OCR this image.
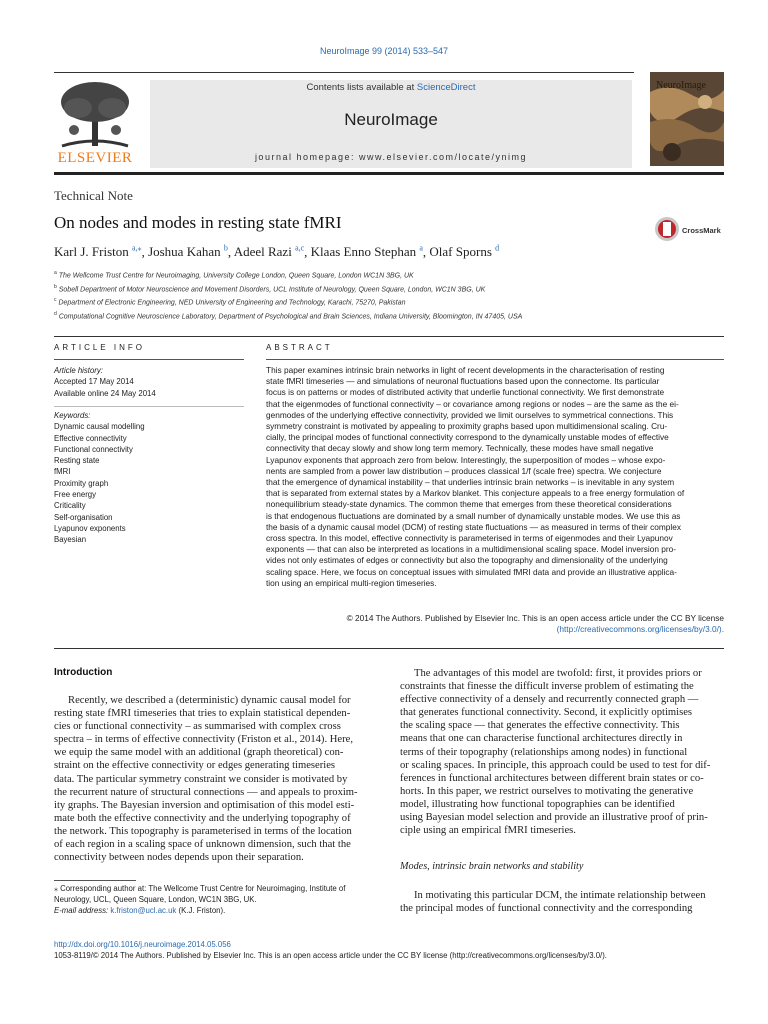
NeuroImage 99 (2014) 533–547
ELSEVIER
Contents lists available at ScienceDirect
NeuroImage
journal homepage: www.elsevier.com/locate/ynimg
NeuroImage
Technical Note
On nodes and modes in resting state fMRI	CrossMark
Karl J. Friston $^{a,⁎}$, Joshua Kahan $^b$, Adeel Razi $^{a,c}$, Klaas Enno Stephan $^a$, Olaf Sporns $^d$
$^a$ The Wellcome Trust Centre for Neuroimaging, University College London, Queen Square, London WC1N 3BG, UK
$^b$ Sobell Department of Motor Neuroscience and Movement Disorders, UCL Institute of Neurology, Queen Square, London, WC1N 3BG, UK
$^c$ Department of Electronic Engineering, NED University of Engineering and Technology, Karachi, 75270, Pakistan
$^d$ Computational Cognitive Neuroscience Laboratory, Department of Psychological and Brain Sciences, Indiana University, Bloomington, IN 47405, USA
ARTICLE INFO
Article history:
Accepted 17 May 2014
Available online 24 May 2014
Keywords:
Dynamic causal modelling
Effective connectivity
Functional connectivity
Resting state
fMRI
Proximity graph
Free energy
Criticality
Self-organisation
Lyapunov exponents
Bayesian
ABSTRACT
This paper examines intrinsic brain networks in light of recent developments in the characterisation of resting
state fMRI timeseries — and simulations of neuronal fluctuations based upon the connectome. Its particular
focus is on patterns or modes of distributed activity that underlie functional connectivity. We first demonstrate
that the eigenmodes of functional connectivity – or covariance among regions or nodes – are the same as the ei-
genmodes of the underlying effective connectivity, provided we limit ourselves to symmetrical connections. This
symmetry constraint is motivated by appealing to proximity graphs based upon multidimensional scaling. Cru-
cially, the principal modes of functional connectivity correspond to the dynamically unstable modes of effective
connectivity that decay slowly and show long term memory. Technically, these modes have small negative
Lyapunov exponents that approach zero from below. Interestingly, the superposition of modes – whose expo-
nents are sampled from a power law distribution – produces classical 1/f (scale free) spectra. We conjecture
that the emergence of dynamical instability – that underlies intrinsic brain networks – is inevitable in any system
that is separated from external states by a Markov blanket. This conjecture appeals to a free energy formulation of
nonequilibrium steady-state dynamics. The common theme that emerges from these theoretical considerations
is that endogenous fluctuations are dominated by a small number of dynamically unstable modes. We use this as
the basis of a dynamic causal model (DCM) of resting state fluctuations — as measured in terms of their complex
cross spectra. In this model, effective connectivity is parameterised in terms of eigenmodes and their Lyapunov
exponents — that can also be interpreted as locations in a multidimensional scaling space. Model inversion pro-
vides not only estimates of edges or connectivity but also the topography and dimensionality of the underlying
scaling space. Here, we focus on conceptual issues with simulated fMRI data and provide an illustrative applica-
tion using an empirical multi-region timeseries.
© 2014 The Authors. Published by Elsevier Inc. This is an open access article under the CC BY license
(http://creativecommons.org/licenses/by/3.0/).
Introduction
Recently, we described a (deterministic) dynamic causal model for
resting state fMRI timeseries that tries to explain statistical dependen-
cies or functional connectivity – as summarised with complex cross
spectra – in terms of effective connectivity (Friston et al., 2014). Here,
we equip the same model with an additional (graph theoretical) con-
straint on the effective connectivity or edges generating timeseries
data. The particular symmetry constraint we consider is motivated by
the recurrent nature of structural connections — and appeals to proxim-
ity graphs. The Bayesian inversion and optimisation of this model esti-
mate both the effective connectivity and the underlying topography of
the network. This topography is parameterised in terms of the location
of each region in a scaling space of unknown dimension, such that the
connectivity between nodes depends upon their separation.
The advantages of this model are twofold: first, it provides priors or
constraints that finesse the difficult inverse problem of estimating the
effective connectivity of a densely and recurrently connected graph —
that generates functional connectivity. Second, it explicitly optimises
the scaling space — that generates the effective connectivity. This
means that one can characterise functional architectures directly in
terms of their topography (relationships among nodes) in functional
or scaling spaces. In principle, this approach could be used to test for dif-
ferences in functional architectures between different brain states or co-
horts. In this paper, we restrict ourselves to motivating the generative
model, illustrating how functional topographies can be identified
using Bayesian model selection and provide an illustrative proof of prin-
ciple using an empirical fMRI timeseries.
Modes, intrinsic brain networks and stability
In motivating this particular DCM, the intimate relationship between
the principal modes of functional connectivity and the corresponding
⁎ Corresponding author at: The Wellcome Trust Centre for Neuroimaging, Institute of
Neurology, UCL, Queen Square, London, WC1N 3BG, UK.
E-mail address: k.friston@ucl.ac.uk (K.J. Friston).
http://dx.doi.org/10.1016/j.neuroimage.2014.05.056
1053-8119/© 2014 The Authors. Published by Elsevier Inc. This is an open access article under the CC BY license (http://creativecommons.org/licenses/by/3.0/).
